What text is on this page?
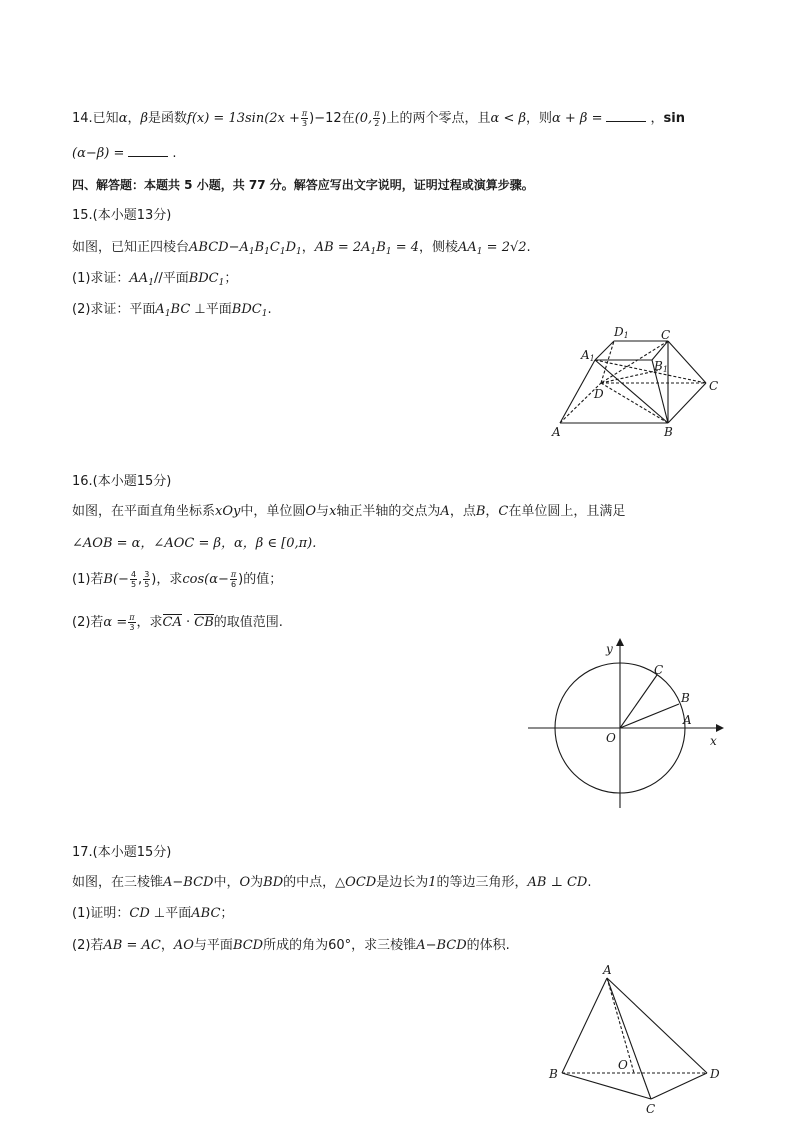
14.已知α，β是函数$f(x) = 13\sin(2x + \frac{\pi}{3} )-12$在(0, $\frac{\pi}{2}$ )上的两个零点，且α < β，则α + β =	，sin
(α−β) =	.
四、解答题：本题共 5 小题，共 77 分。解答应写出文字说明，证明过程或演算步骤。
15.(本小题13分)
如图，已知正四棱台$ABCD-A_1B_1C_1D_1$，AB = $2A_1B_1 = 4$，侧棱$AA_1 = 2√2$.
(1)求证：$AA_1//$平面$BDC_1$；
(2)求证：平面$A_1BC$ ⊥平面$BDC_1$.
D1	C
A1
B1
D
C
A	B
16.(本小题15分)
如图，在平面直角坐标系xOy中，单位圆O与x轴正半轴的交点为A，点B，C在单位圆上，且满足
∠AOB = α，∠AOC = β，α，β ∈ [0,π).
(1)若$B(- \frac{4}{5}$ , $\frac{3}{5}$ )，求$\cos(\alpha- \frac{\pi}{6}$ )的值；
(2)若$\alpha = \frac{\pi}{3}$ ，求CA · CB的取值范围.
y
x
O
A
B
C
17.(本小题15分)
如图，在三棱锥A−BCD中，O为BD的中点，△OCD是边长为1的等边三角形，AB ⊥ CD.
(1)证明：CD ⊥平面ABC；
(2)若AB = AC，AO与平面BCD所成的角为60°，求三棱锥A−BCD的体积.
A
B
C
D
O
